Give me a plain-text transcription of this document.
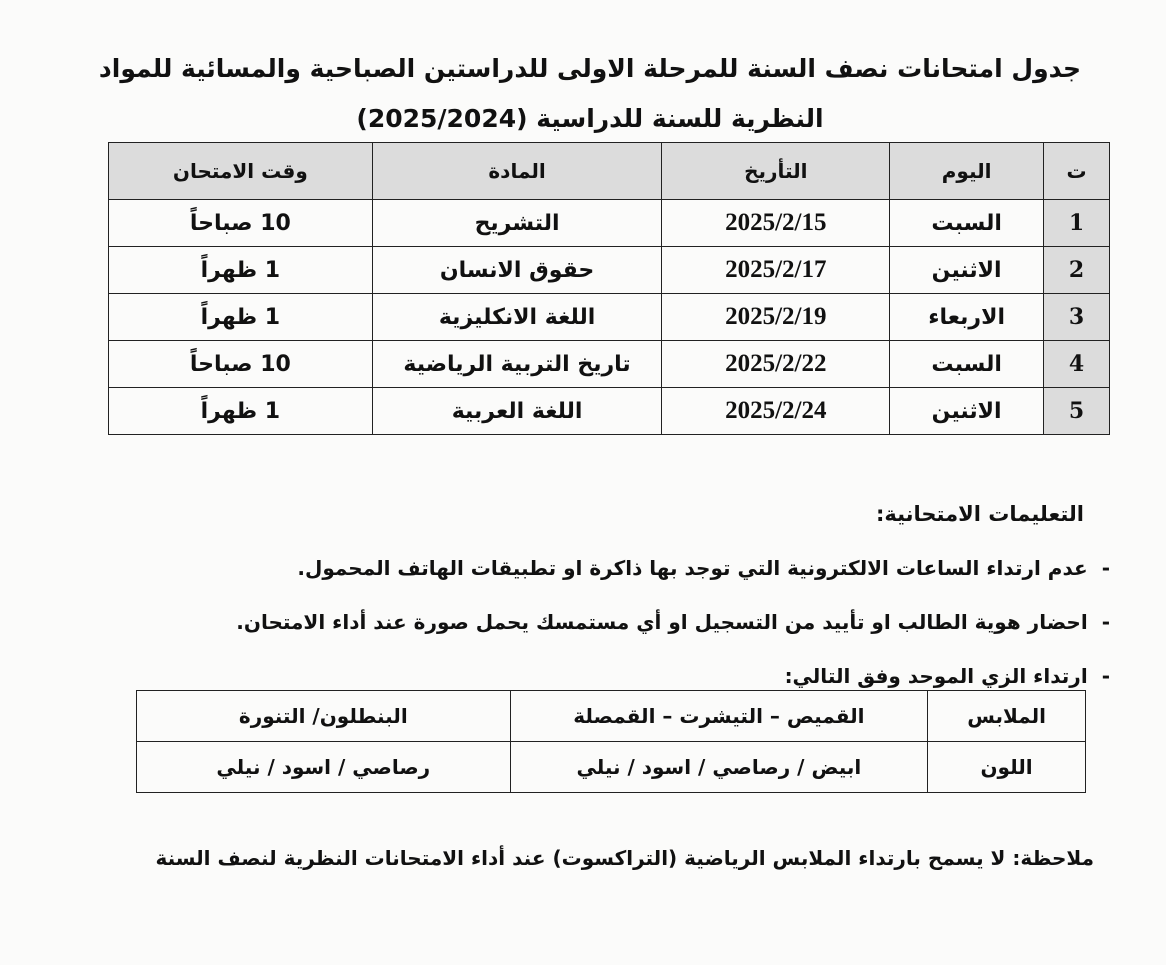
جدول امتحانات نصف السنة للمرحلة الاولى للدراستين الصباحية والمسائية للمواد النظرية للسنة للدراسية (2025/2024)
ت	اليوم	التأريخ	المادة	وقت الامتحان
1	السبت	2025/2/15	التشريح	10 صباحاً
2	الاثنين	2025/2/17	حقوق الانسان	1 ظهراً
3	الاربعاء	2025/2/19	اللغة الانكليزية	1 ظهراً
4	السبت	2025/2/22	تاريخ التربية الرياضية	10 صباحاً
5	الاثنين	2025/2/24	اللغة العربية	1 ظهراً
التعليمات الامتحانية:
-عدم ارتداء الساعات الالكترونية التي توجد بها ذاكرة او تطبيقات الهاتف المحمول.
-احضار هوية الطالب او تأييد من التسجيل او أي مستمسك يحمل صورة عند أداء الامتحان.
-ارتداء الزي الموحد وفق التالي:
الملابس	القميص – التيشرت – القمصلة	البنطلون/ التنورة
اللون	ابيض / رصاصي / اسود / نيلي	رصاصي / اسود / نيلي
ملاحظة: لا يسمح بارتداء الملابس الرياضية (التراكسوت) عند أداء الامتحانات النظرية لنصف السنة
